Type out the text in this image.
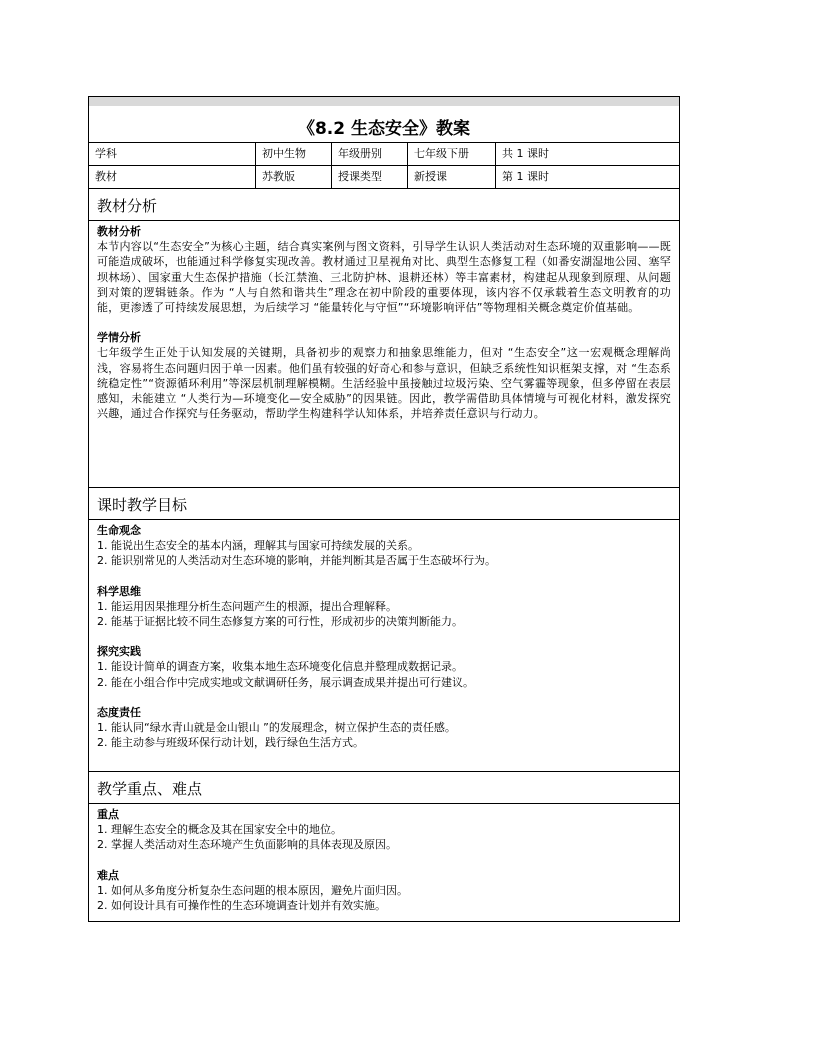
《8.2 生态安全》教案
学科	初中生物	年级册别	七年级下册	共 1 课时
教材	苏教版	授课类型	新授课	第 1 课时
教材分析
教材分析
本节内容以“生态安全”为核心主题，结合真实案例与图文资料，引导学生认识人类活动对生态环境的双重影响——既可能造成破坏，也能通过科学修复实现改善。教材通过卫星视角对比、典型生态修复工程（如番安湖湿地公园、塞罕坝林场）、国家重大生态保护措施（长江禁渔、三北防护林、退耕还林）等丰富素材，构建起从现象到原理、从问题到对策的逻辑链条。作为 “人与自然和谐共生”理念在初中阶段的重要体现，该内容不仅承载着生态文明教育的功能，更渗透了可持续发展思想，为后续学习 “能量转化与守恒”“环境影响评估”等物理相关概念奠定价值基础。
学情分析
七年级学生正处于认知发展的关键期，具备初步的观察力和抽象思维能力，但对 “生态安全”这一宏观概念理解尚浅，容易将生态问题归因于单一因素。他们虽有较强的好奇心和参与意识，但缺乏系统性知识框架支撑，对 “生态系统稳定性”“资源循环利用”等深层机制理解模糊。生活经验中虽接触过垃圾污染、空气雾霾等现象，但多停留在表层感知，未能建立 “人类行为—环境变化—安全威胁”的因果链。因此，教学需借助具体情境与可视化材料，激发探究兴趣，通过合作探究与任务驱动，帮助学生构建科学认知体系，并培养责任意识与行动力。
课时教学目标
生命观念
1. 能说出生态安全的基本内涵，理解其与国家可持续发展的关系。
2. 能识别常见的人类活动对生态环境的影响，并能判断其是否属于生态破坏行为。
科学思维
1. 能运用因果推理分析生态问题产生的根源，提出合理解释。
2. 能基于证据比较不同生态修复方案的可行性，形成初步的决策判断能力。
探究实践
1. 能设计简单的调查方案，收集本地生态环境变化信息并整理成数据记录。
2. 能在小组合作中完成实地或文献调研任务，展示调查成果并提出可行建议。
态度责任
1. 能认同“绿水青山就是金山银山 ”的发展理念，树立保护生态的责任感。
2. 能主动参与班级环保行动计划，践行绿色生活方式。
教学重点、难点
重点
1. 理解生态安全的概念及其在国家安全中的地位。
2. 掌握人类活动对生态环境产生负面影响的具体表现及原因。
难点
1. 如何从多角度分析复杂生态问题的根本原因，避免片面归因。
2. 如何设计具有可操作性的生态环境调查计划并有效实施。
